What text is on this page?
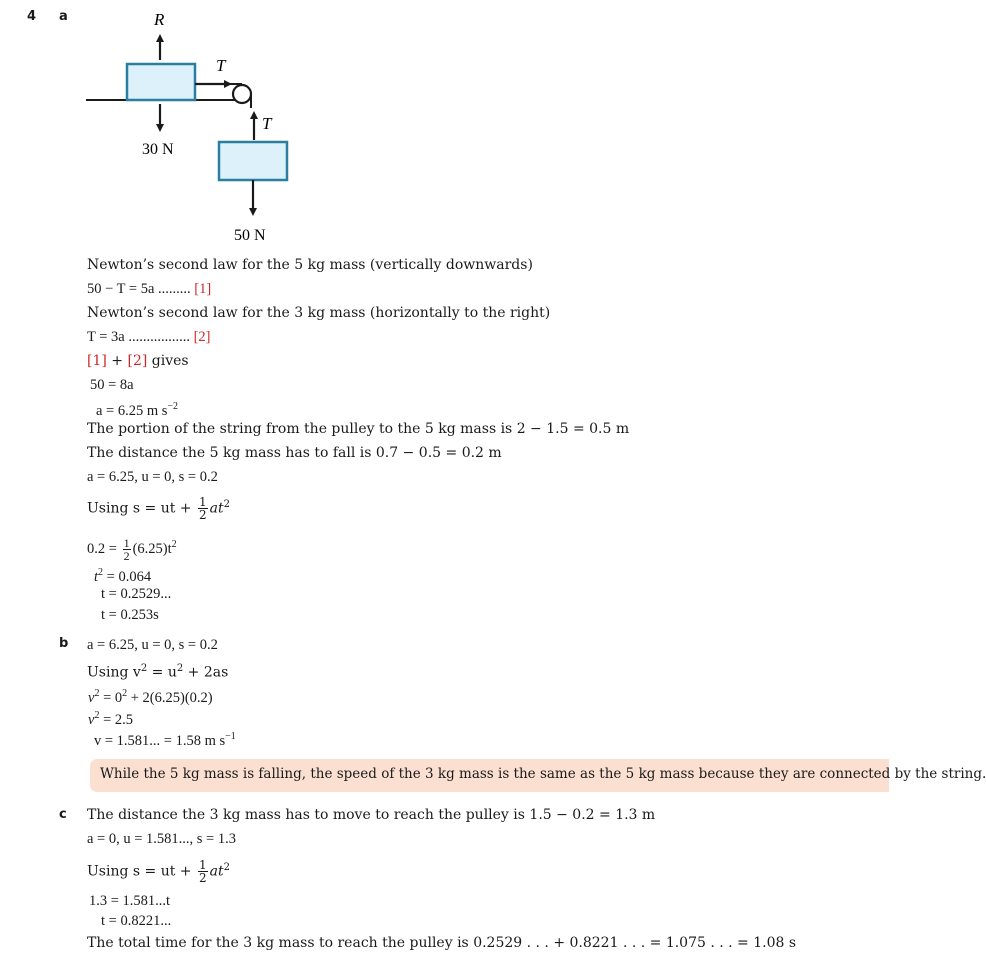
4 a	R
30 N
T
T
50 N
Newton’s second law for the 5 kg mass (vertically downwards)
50 − T = 5a ......... [1]
Newton’s second law for the 3 kg mass (horizontally to the right)
T = 3a ................. [2]
[1] + [2] gives
50 = 8a
a = 6.25 m $s^{-2}$
The portion of the string from the pulley to the 5 kg mass is 2 − 1.5 = 0.5 m
The distance the 5 kg mass has to fall is 0.7 − 0.5 = 0.2 m
a = 6.25, u = 0, s = 0.2
Using s = ut + $\frac{1}{2} at^2$
$0.2 = \frac{1}{2} (6.25)t^2$
$t^2 = 0.064$
t = 0.2529...
t = 0.253s
b a = 6.25, u = 0, s = 0.2
Using $v^2 = u^2 + 2as$
$v^2 = 0^2 + 2(6.25)(0.2)$
$v^2 = 2.5$
v = 1.581... = 1.58 m $s^{-1}$
While the 5 kg mass is falling, the speed of the 3 kg mass is the same as the 5 kg mass because they are connected by the string.
c The distance the 3 kg mass has to move to reach the pulley is 1.5 − 0.2 = 1.3 m
a = 0, u = 1.581..., s = 1.3
Using s = ut + $\frac{1}{2} at^2$
1.3 = 1.581...t
t = 0.8221...
The total time for the 3 kg mass to reach the pulley is 0.2529 . . . + 0.8221 . . . = 1.075 . . . = 1.08 s
